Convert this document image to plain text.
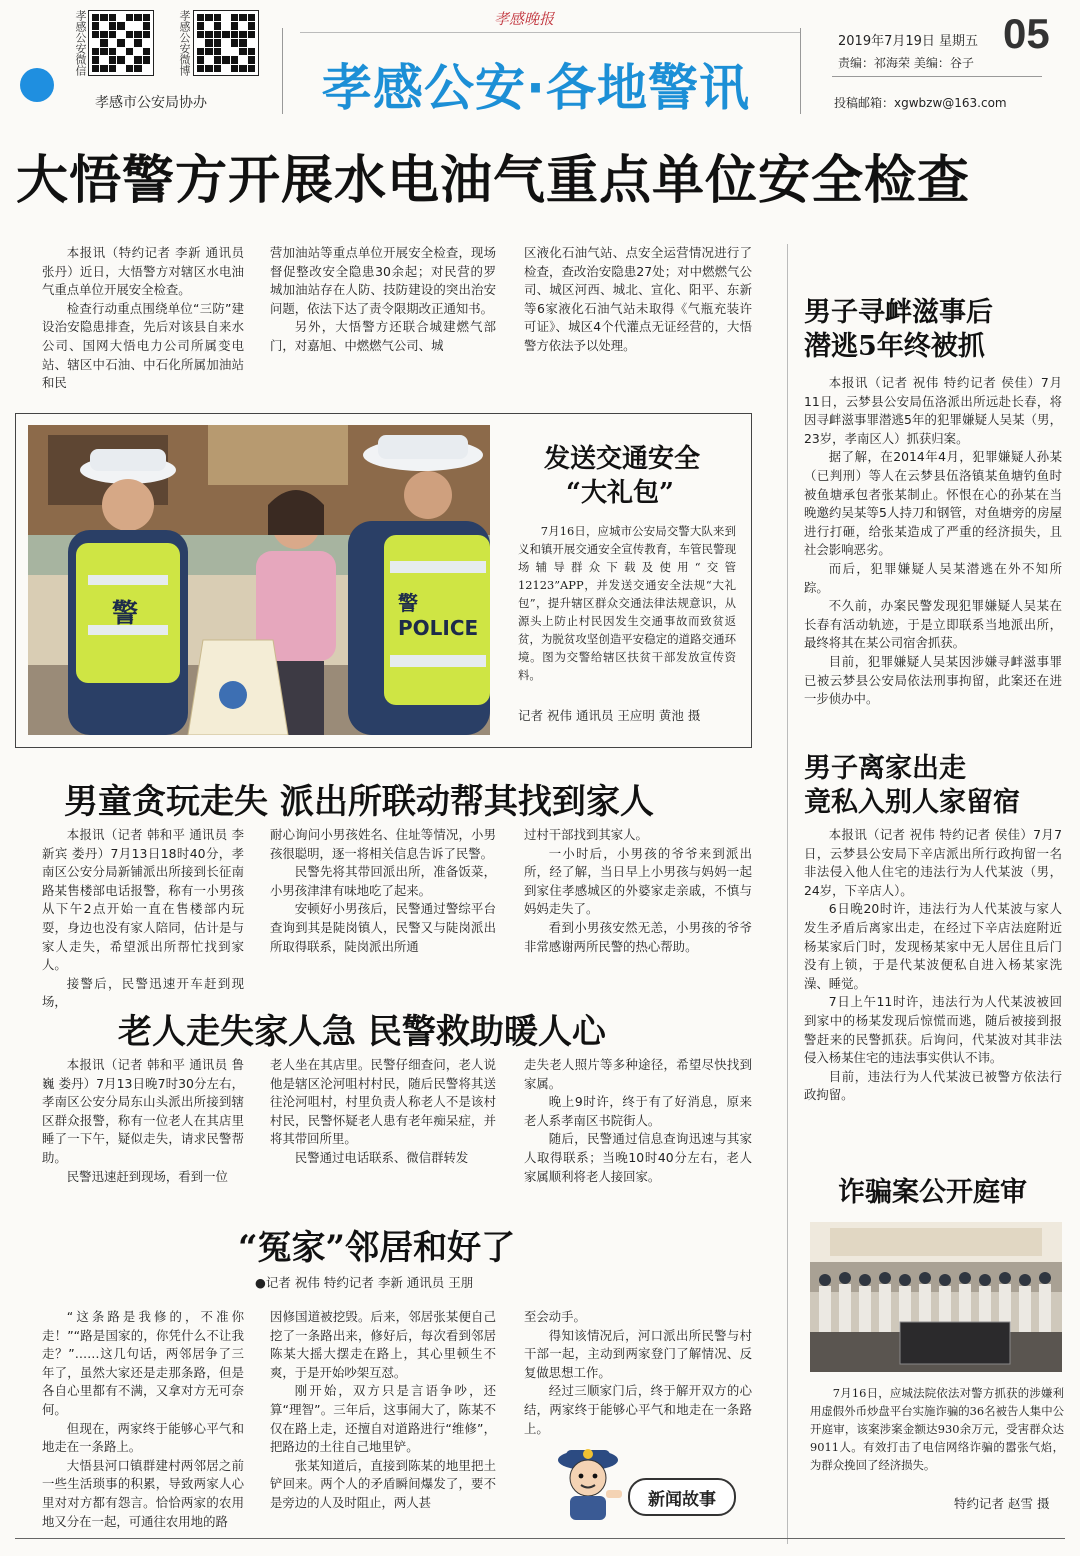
孝感公安微信	孝感公安微博
孝感市公安局协办
孝感晚报
孝感公安·各地警讯
2019年7月19日 星期五
责编：祁海荣 美编：谷子
投稿邮箱：xgwbzw@163.com
05
大悟警方开展水电油气重点单位安全检查

本报讯（特约记者 李新 通讯员 张丹）近日，大悟警方对辖区水电油气重点单位开展安全检查。

检查行动重点围绕单位“三防”建设治安隐患排查，先后对该县自来水公司、国网大悟电力公司所属变电站、辖区中石油、中石化所属加油站和民

营加油站等重点单位开展安全检查，现场督促整改安全隐患30余起；对民营的罗城加油站存在人防、技防建设的突出治安问题，依法下达了责令限期改正通知书。

另外，大悟警方还联合城建燃气部门，对嘉旭、中燃燃气公司、城

区液化石油气站、点安全运营情况进行了检查，查改治安隐患27处；对中燃燃气公司、城区河西、城北、宣化、阳平、东新等6家液化石油气站未取得《气瓶充装许可证》、城区4个代灌点无证经营的，大悟警方依法予以处理。

警POLICE
警
发送交通安全
“大礼包”

7月16日，应城市公安局交警大队来到义和镇开展交通安全宣传教育，车管民警现场辅导群众下载及使用“交管12123”APP，并发送交通安全法规“大礼包”，提升辖区群众交通法律法规意识，从源头上防止村民因发生交通事故而致贫返贫，为脱贫攻坚创造平安稳定的道路交通环境。图为交警给辖区扶贫干部发放宣传资料。

记者 祝伟 通讯员 王应明 黄池 摄
男童贪玩走失 派出所联动帮其找到家人

本报讯（记者 韩和平 通讯员 李新宾 娄丹）7月13日18时40分，孝南区公安分局新铺派出所接到长征南路某售楼部电话报警，称有一小男孩从下午2点开始一直在售楼部内玩耍，身边也没有家人陪同，估计是与家人走失，希望派出所帮忙找到家人。

接警后，民警迅速开车赶到现场，

耐心询问小男孩姓名、住址等情况，小男孩很聪明，逐一将相关信息告诉了民警。

民警先将其带回派出所，准备饭菜，小男孩津津有味地吃了起来。

安顿好小男孩后，民警通过警综平台查询到其是陡岗镇人，民警又与陡岗派出所取得联系，陡岗派出所通

过村干部找到其家人。

一小时后，小男孩的爷爷来到派出所，经了解，当日早上小男孩与妈妈一起到家住孝感城区的外婆家走亲戚，不慎与妈妈走失了。

看到小男孩安然无恙，小男孩的爷爷非常感谢两所民警的热心帮助。

老人走失家人急 民警救助暖人心

本报讯（记者 韩和平 通讯员 鲁巍 娄丹）7月13日晚7时30分左右，孝南区公安分局东山头派出所接到辖区群众报警，称有一位老人在其店里睡了一下午，疑似走失，请求民警帮助。

民警迅速赶到现场，看到一位

老人坐在其店里。民警仔细查问，老人说他是辖区沦河咀村村民，随后民警将其送往沦河咀村，村里负责人称老人不是该村村民，民警怀疑老人患有老年痴呆症，并将其带回所里。

民警通过电话联系、微信群转发

走失老人照片等多种途径，希望尽快找到家属。

晚上9时许，终于有了好消息，原来老人系孝南区书院街人。

随后，民警通过信息查询迅速与其家人取得联系；当晚10时40分左右，老人家属顺利将老人接回家。

“冤家”邻居和好了
●记者 祝伟 特约记者 李新 通讯员 王朋

“这条路是我修的，不准你走！”“路是国家的，你凭什么不让我走？”……这几句话，两邻居争了三年了，虽然大家还是走那条路，但是各自心里都有不满，又拿对方无可奈何。

但现在，两家终于能够心平气和地走在一条路上。

大悟县河口镇群建村两邻居之前一些生活琐事的积累，导致两家人心里对对方都有怨言。恰恰两家的农用地又分在一起，可通往农用地的路

因修国道被挖毁。后来，邻居张某便自己挖了一条路出来，修好后，每次看到邻居陈某大摇大摆走在路上，其心里顿生不爽，于是开始吵架互怼。

刚开始，双方只是言语争吵，还算“理智”。三年后，这事闹大了，陈某不仅在路上走，还擅自对道路进行“维修”，把路边的土往自己地里铲。

张某知道后，直接到陈某的地里把土铲回来。两个人的矛盾瞬间爆发了，要不是旁边的人及时阻止，两人甚

至会动手。

得知该情况后，河口派出所民警与村干部一起，主动到两家登门了解情况、反复做思想工作。

经过三顺家门后，终于解开双方的心结，两家终于能够心平气和地走在一条路上。

新闻故事
男子寻衅滋事后
潜逃5年终被抓

本报讯（记者 祝伟 特约记者 侯佳）7月11日，云梦县公安局伍洛派出所远赴长春，将因寻衅滋事罪潜逃5年的犯罪嫌疑人吴某（男，23岁，孝南区人）抓获归案。

据了解，在2014年4月，犯罪嫌疑人孙某（已判刑）等人在云梦县伍洛镇某鱼塘钓鱼时被鱼塘承包者张某制止。怀恨在心的孙某在当晚邀约吴某等5人持刀和钢管，对鱼塘旁的房屋进行打砸，给张某造成了严重的经济损失，且社会影响恶劣。

而后，犯罪嫌疑人吴某潜逃在外不知所踪。

不久前，办案民警发现犯罪嫌疑人吴某在长春有活动轨迹，于是立即联系当地派出所，最终将其在某公司宿舍抓获。

目前，犯罪嫌疑人吴某因涉嫌寻衅滋事罪已被云梦县公安局依法刑事拘留，此案还在进一步侦办中。

男子离家出走
竟私入别人家留宿

本报讯（记者 祝伟 特约记者 侯佳）7月7日，云梦县公安局下辛店派出所行政拘留一名非法侵入他人住宅的违法行为人代某波（男，24岁，下辛店人）。

6日晚20时许，违法行为人代某波与家人发生矛盾后离家出走，在经过下辛店法庭附近杨某家后门时，发现杨某家中无人居住且后门没有上锁，于是代某波便私自进入杨某家洗澡、睡觉。

7日上午11时许，违法行为人代某波被回到家中的杨某发现后惊慌而逃，随后被接到报警赶来的民警抓获。后询问，代某波对其非法侵入杨某住宅的违法事实供认不讳。

目前，违法行为人代某波已被警方依法行政拘留。

诈骗案公开庭审

7月16日，应城法院依法对警方抓获的涉嫌利用虚假外币炒盘平台实施诈骗的36名被告人集中公开庭审，该案涉案金额达930余万元，受害群众达9011人。有效打击了电信网络诈骗的嚣张气焰，为群众挽回了经济损失。

特约记者 赵雪 摄
